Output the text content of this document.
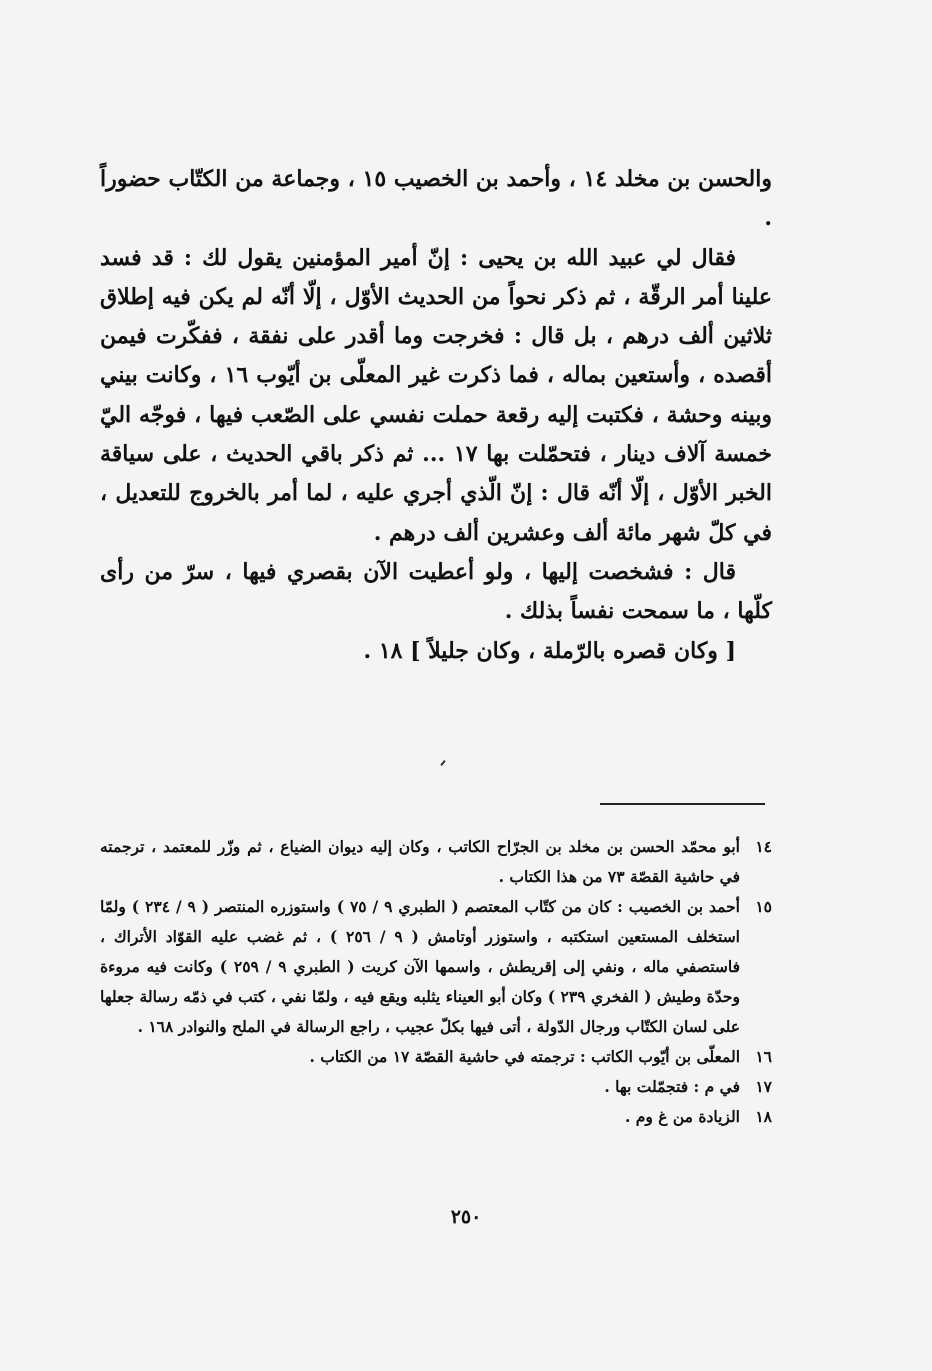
والحسن بن مخلد ١٤ ، وأحمد بن الخصيب ١٥ ، وجماعة من الكتّاب حضوراً .

فقال لي عبيد الله بن يحيى : إنّ أمير المؤمنين يقول لك : قد فسد علينا أمر الرقّة ، ثم ذكر نحواً من الحديث الأوّل ، إلّا أنّه لم يكن فيه إطلاق ثلاثين ألف درهم ، بل قال : فخرجت وما أقدر على نفقة ، ففكّرت فيمن أقصده ، وأستعين بماله ، فما ذكرت غير المعلّى بن أيّوب ١٦ ، وكانت بيني وبينه وحشة ، فكتبت إليه رقعة حملت نفسي على الصّعب فيها ، فوجّه اليّ خمسة آلاف دينار ، فتحمّلت بها ١٧ ... ثم ذكر باقي الحديث ، على سياقة الخبر الأوّل ، إلّا أنّه قال : إنّ الّذي أجري عليه ، لما أمر بالخروج للتعديل ، في كلّ شهر مائة ألف وعشرين ألف درهم .

قال : فشخصت إليها ، ولو أعطيت الآن بقصري فيها ، سرّ من رأى كلّها ، ما سمحت نفساً بذلك .

[ وكان قصره بالرّملة ، وكان جليلاً ] ١٨ .

١٤
أبو محمّد الحسن بن مخلد بن الجرّاح الكاتب ، وكان إليه ديوان الضياع ، ثم وزّر للمعتمد ، ترجمته في حاشية القصّة ٧٣ من هذا الكتاب .
١٥
أحمد بن الخصيب : كان من كتّاب المعتصم ( الطبري ٩ / ٧٥ ) واستوزره المنتصر ( ٩ / ٢٣٤ ) ولمّا استخلف المستعين استكتبه ، واستوزر أوتامش ( ٩ / ٢٥٦ ) ، ثم غضب عليه القوّاد الأتراك ، فاستصفي ماله ، ونفي إلى إقريطش ، واسمها الآن كريت ( الطبري ٩ / ٢٥٩ ) وكانت فيه مروءة وحدّة وطيش ( الفخري ٢٣٩ ) وكان أبو العيناء يثلبه ويقع فيه ، ولمّا نفي ، كتب في ذمّه رسالة جعلها على لسان الكتّاب ورجال الدّولة ، أتى فيها بكلّ عجيب ، راجع الرسالة في الملح والنوادر ١٦٨ .
١٦
المعلّى بن أيّوب الكاتب : ترجمته في حاشية القصّة ١٧ من الكتاب .
١٧
في م : فتجمّلت بها .
١٨
الزيادة من غ وم .
٢٥٠
